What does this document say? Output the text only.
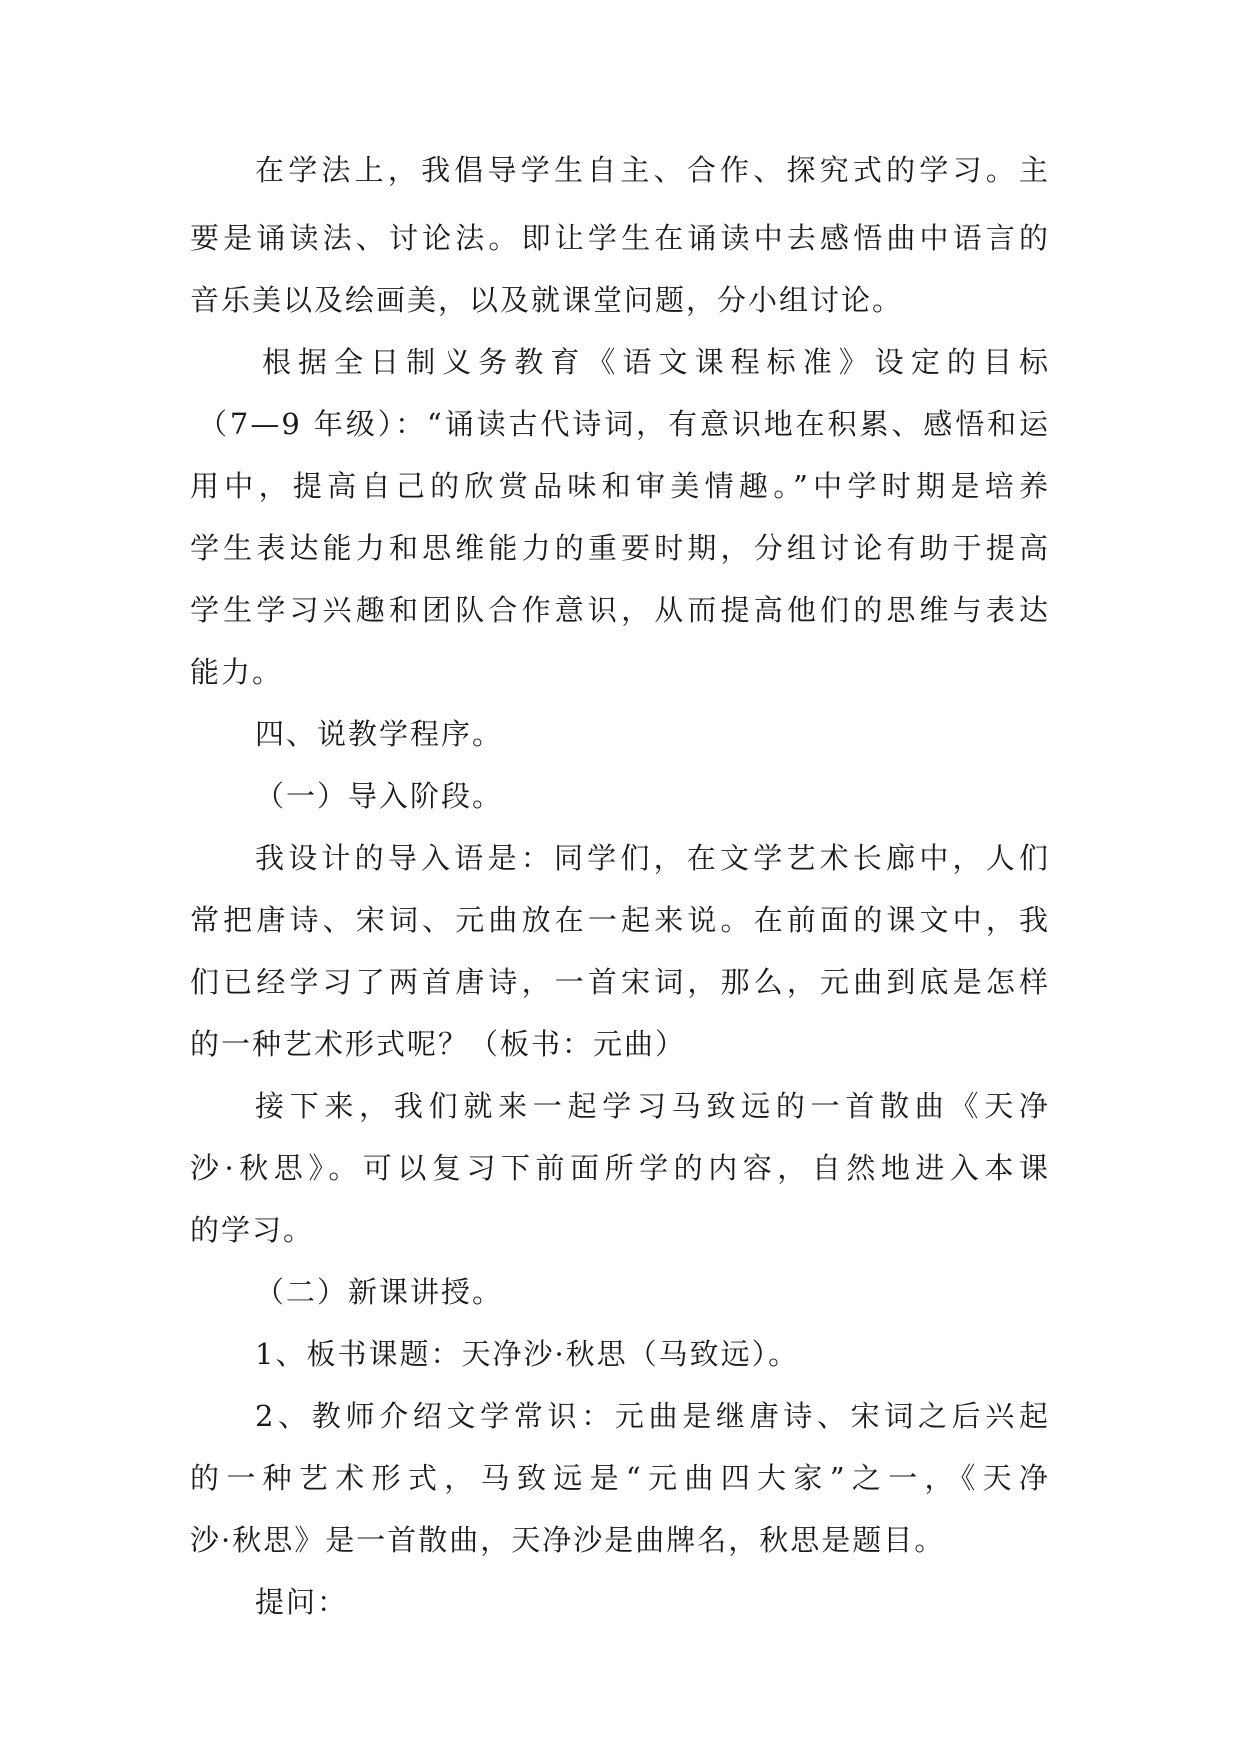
在学法上，我倡导学生自主、合作、探究式的学习。主
要是诵读法、讨论法。即让学生在诵读中去感悟曲中语言的
音乐美以及绘画美，以及就课堂问题，分小组讨论。
根据全日制义务教育《语文课程标准》设定的目标
（7—9 年级）：“诵读古代诗词，有意识地在积累、感悟和运
用中，提高自己的欣赏品味和审美情趣。”中学时期是培养
学生表达能力和思维能力的重要时期，分组讨论有助于提高
学生学习兴趣和团队合作意识，从而提高他们的思维与表达
能力。
四、说教学程序。
（一）导入阶段。
我设计的导入语是：同学们，在文学艺术长廊中，人们
常把唐诗、宋词、元曲放在一起来说。在前面的课文中，我
们已经学习了两首唐诗，一首宋词，那么，元曲到底是怎样
的一种艺术形式呢？（板书：元曲）
接下来，我们就来一起学习马致远的一首散曲《天净
沙·秋思》。可以复习下前面所学的内容，自然地进入本课
的学习。
（二）新课讲授。
1、板书课题：天净沙·秋思（马致远）。
2、教师介绍文学常识：元曲是继唐诗、宋词之后兴起
的一种艺术形式，马致远是“元曲四大家”之一，《天净
沙·秋思》是一首散曲，天净沙是曲牌名，秋思是题目。
提问：
